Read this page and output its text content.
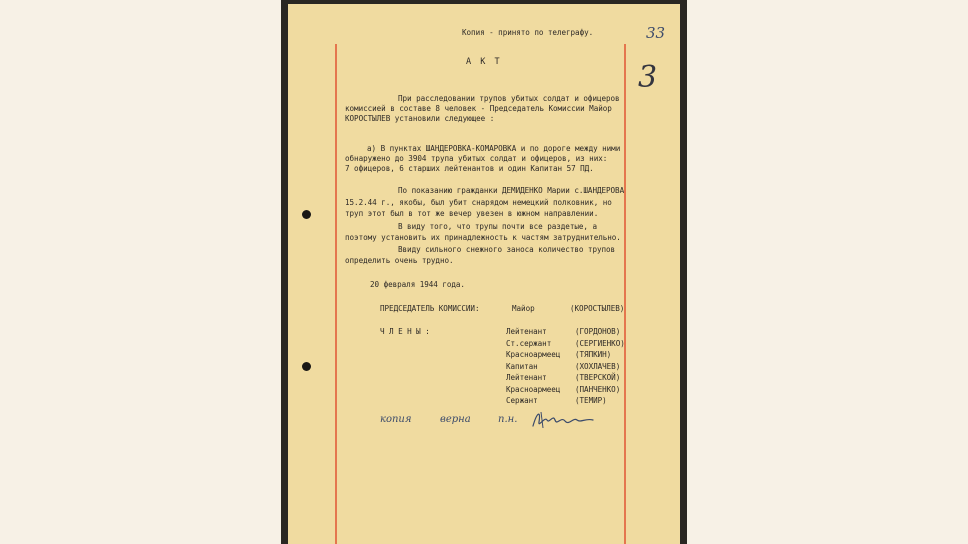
Копия - принято по телеграфу.	33
3

А К Т

При расследовании трупов убитых солдат и офицеров

комиссией в составе 8 человек - Председатель Комиссии Майор

КОРОСТЫЛЕВ установили следующее :

а) В пунктах ШАНДЕРОВКА-КОМАРОВКА и по дороге между ними

обнаружено до 3904 трупа убитых солдат и офицеров, из них:

7 офицеров, 6 старших лейтенантов и один Капитан 57 ПД.

По показанию гражданки ДЕМИДЕНКО Марии с.ШАНДЕРОВА

15.2.44 г., якобы, был убит снарядом немецкий полковник, но

труп этот был в тот же вечер увезен в южном направлении.

В виду того, что трупы почти все раздетые, а

поэтому установить их принадлежность к частям затруднительно.

Ввиду сильного снежного заноса количество трупов

определить очень трудно.

20 февраля 1944 года.

ПРЕДСЕДАТЕЛЬ КОМИССИИ:	Майор	(КОРОСТЫЛЕВ)

Ч Л Е Н Ы :	Лейтенант	(ГОРДОНОВ)

Ст.сержант	(СЕРГИЕНКО)

Красноармеец (ТЯПКИН)

Капитан	(ХОХЛАЧЕВ)

Лейтенант	(ТВЕРСКОЙ)

Красноармеец (ПАНЧЕНКО)

Сержант	(ТЕМИР)

копия	верна	п.н.
